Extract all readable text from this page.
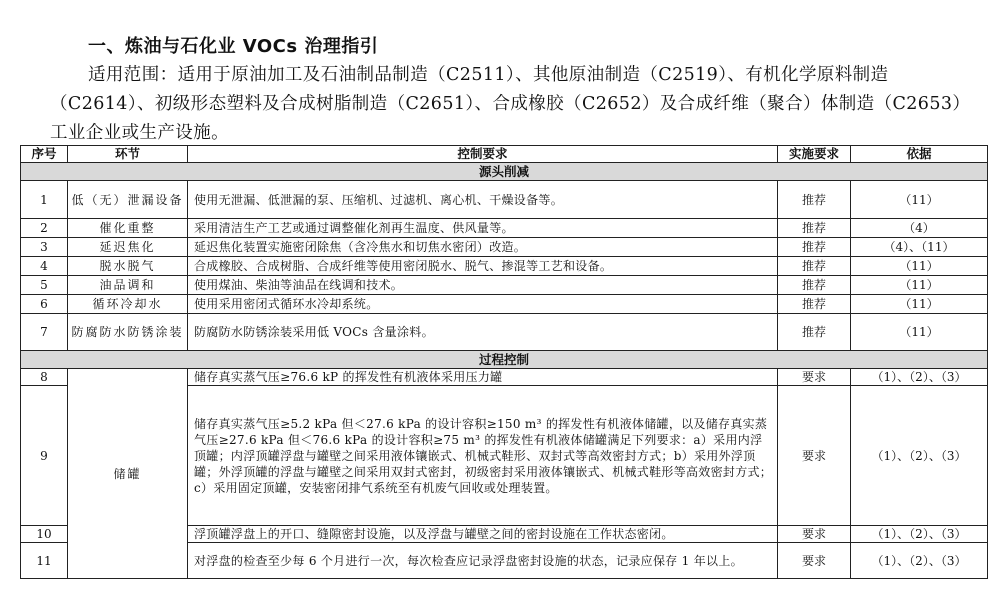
一、炼油与石化业 VOCs 治理指引
适用范围：适用于原油加工及石油制品制造（C2511）、其他原油制造（C2519）、有机化学原料制造（C2614）、初级形态塑料及合成树脂制造（C2651）、合成橡胶（C2652）及合成纤维（聚合）体制造（C2653）工业企业或生产设施。
序号	环节	控制要求	实施要求	依据
源头削减				
1	低（无）泄漏设备	使用无泄漏、低泄漏的泵、压缩机、过滤机、离心机、干燥设备等。	推荐	（11）
2	催化重整	采用清洁生产工艺或通过调整催化剂再生温度、供风量等。	推荐	（4）
3	延迟焦化	延迟焦化装置实施密闭除焦（含冷焦水和切焦水密闭）改造。	推荐	（4）、（11）
4	脱水脱气	合成橡胶、合成树脂、合成纤维等使用密闭脱水、脱气、掺混等工艺和设备。	推荐	（11）
5	油品调和	使用煤油、柴油等油品在线调和技术。	推荐	（11）
6	循环冷却水	使用采用密闭式循环水冷却系统。	推荐	（11）
7	防腐防水防锈涂装	防腐防水防锈涂装采用低 VOCs 含量涂料。	推荐	（11）
过程控制				
8	储罐	储存真实蒸气压≥76.6 kP 的挥发性有机液体采用压力罐	要求	（1）、（2）、（3）
9		储存真实蒸气压≥5.2 kPa 但＜27.6 kPa 的设计容积≥150 m³ 的挥发性有机液体储罐，以及储存真实蒸气压≥27.6 kPa 但＜76.6 kPa 的设计容积≥75 m³ 的挥发性有机液体储罐满足下列要求：a）采用内浮顶罐；内浮顶罐浮盘与罐壁之间采用液体镶嵌式、机械式鞋形、双封式等高效密封方式；b）采用外浮顶罐；外浮顶罐的浮盘与罐壁之间采用双封式密封，初级密封采用液体镶嵌式、机械式鞋形等高效密封方式；c）采用固定顶罐，安装密闭排气系统至有机废气回收或处理装置。	要求	（1）、（2）、（3）
10		浮顶罐浮盘上的开口、缝隙密封设施，以及浮盘与罐壁之间的密封设施在工作状态密闭。	要求	（1）、（2）、（3）
11		对浮盘的检查至少每 6 个月进行一次，每次检查应记录浮盘密封设施的状态，记录应保存 1 年以上。	要求	（1）、（2）、（3）
